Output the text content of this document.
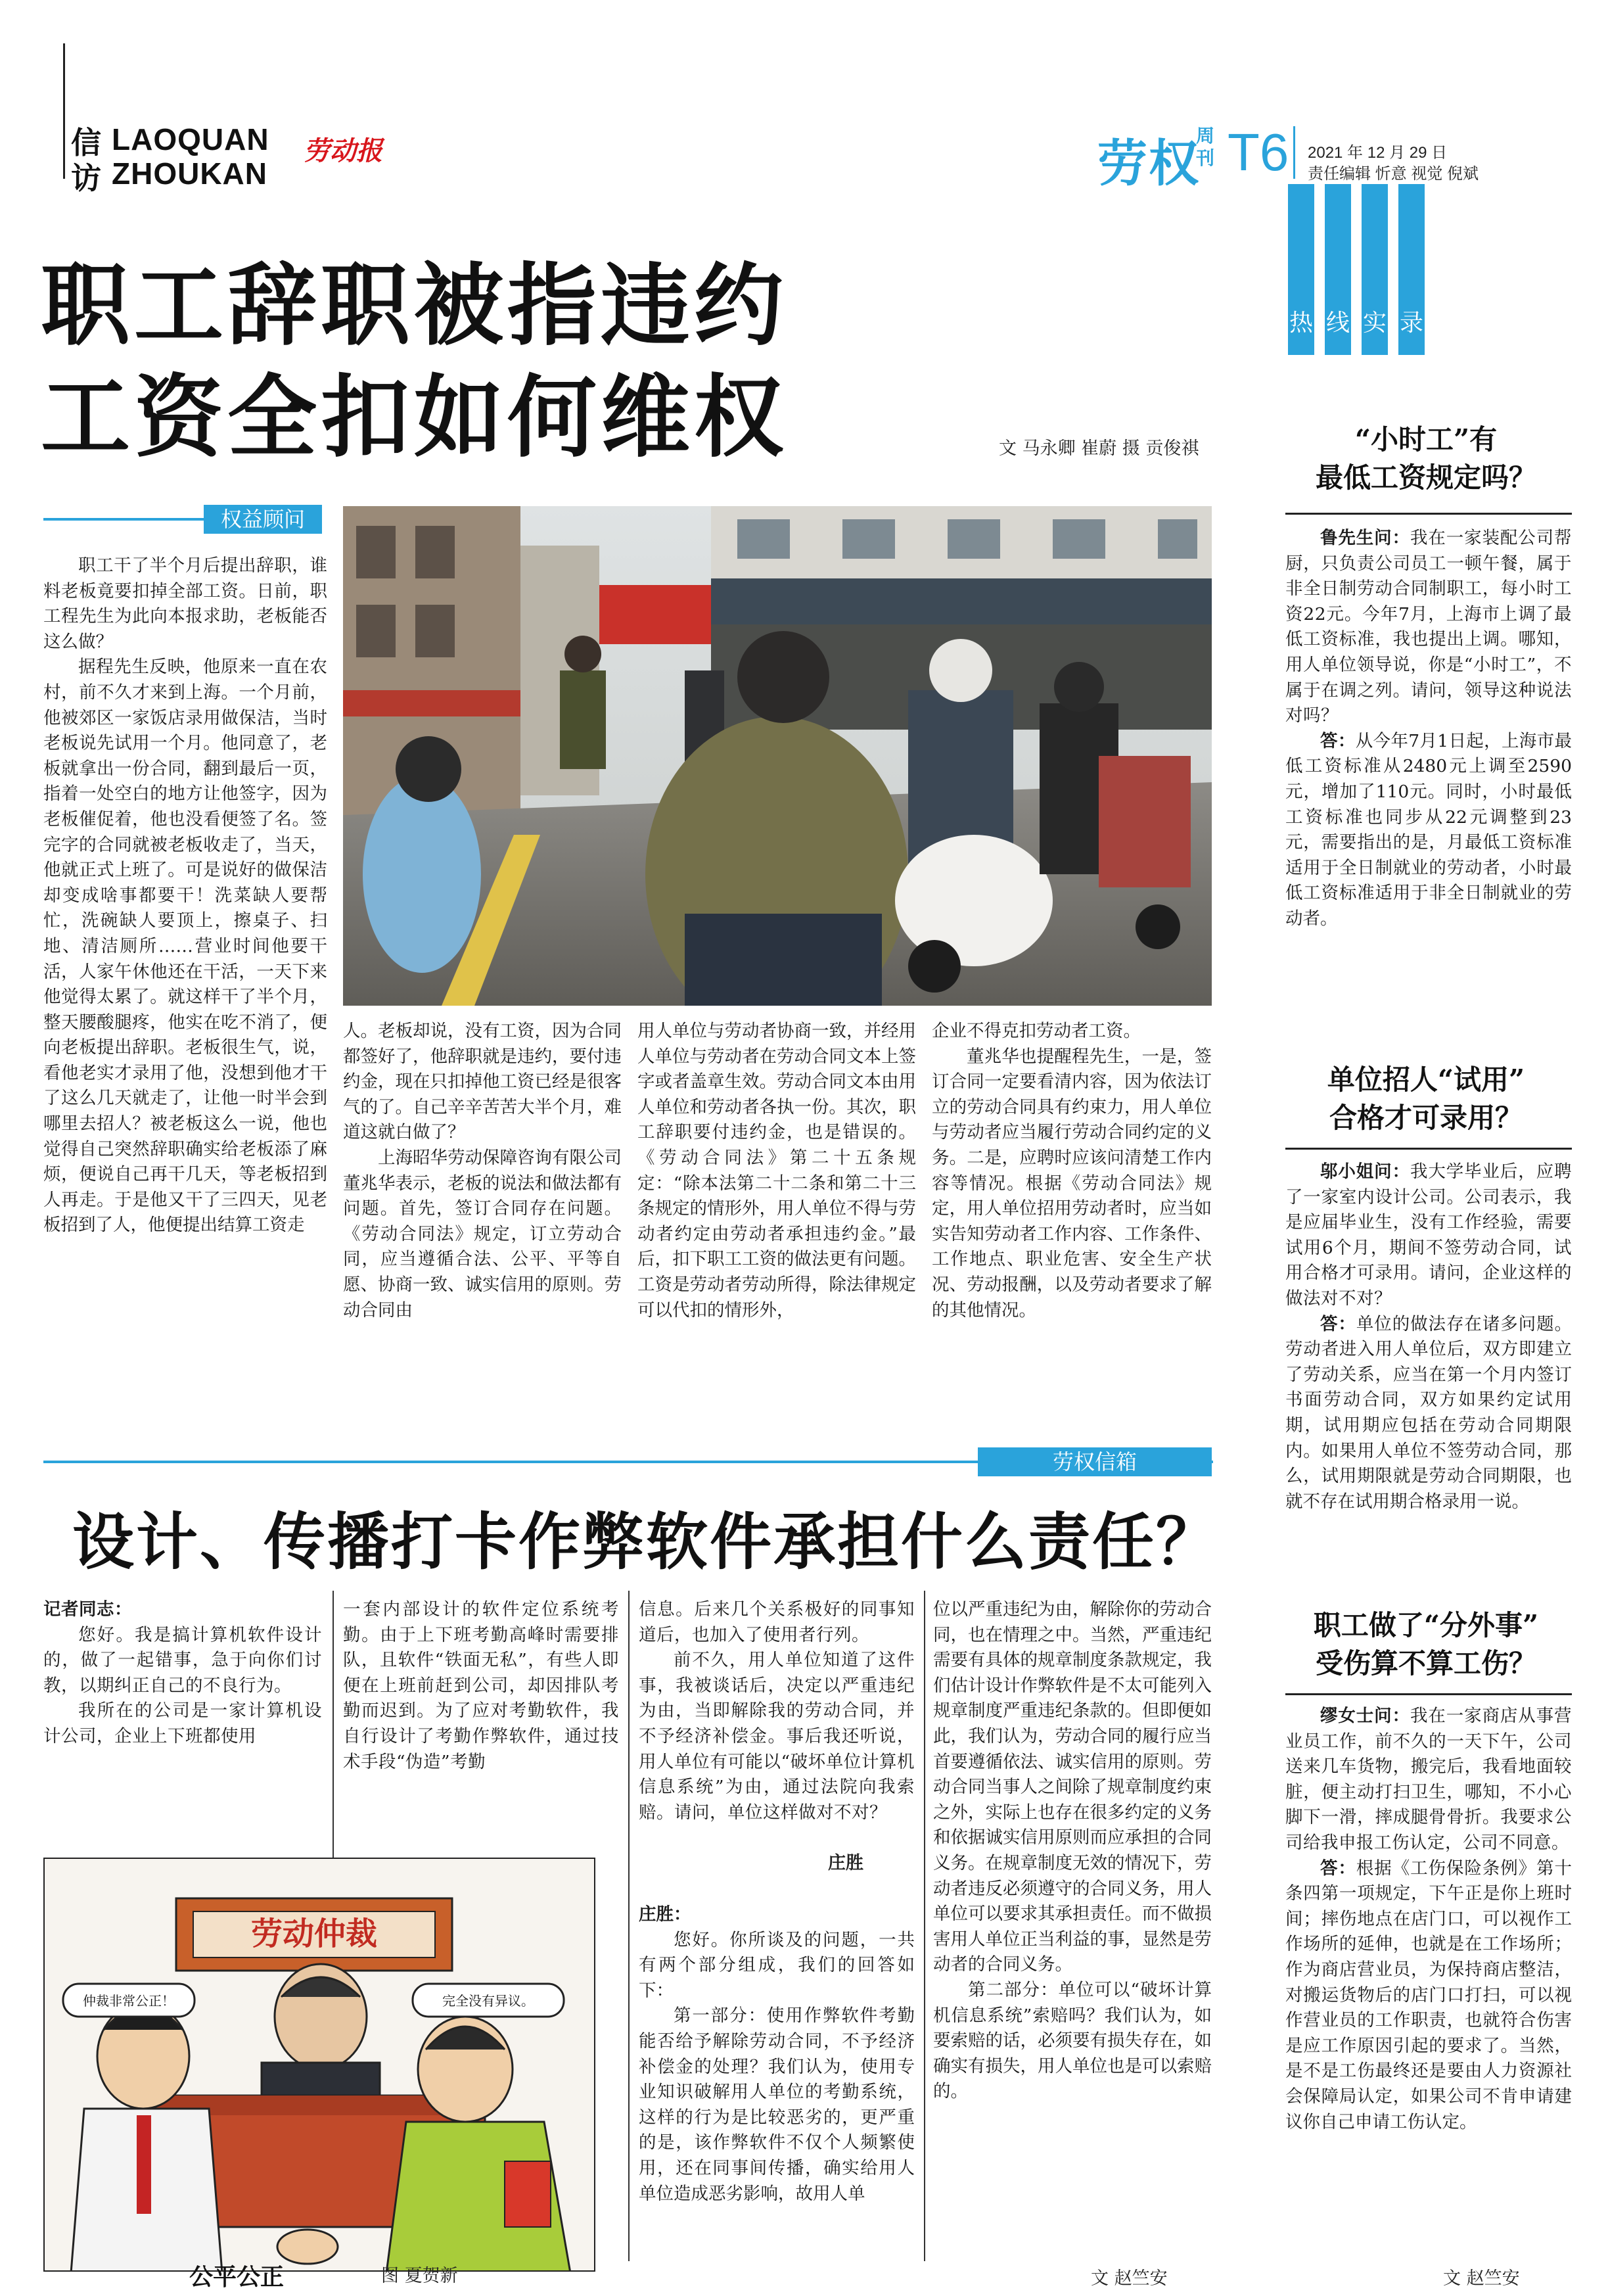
信访
LAOQUAN
ZHOUKAN
劳动报	劳权
周刊 T6 2021 年 12 月 29 日
责任编辑 忻意 视觉 倪斌
热 线 实 录
职工辞职被指违约
工资全扣如何维权	文 马永卿 崔蔚 摄 贡俊祺
权益顾问

职工干了半个月后提出辞职，谁料老板竟要扣掉全部工资。日前，职工程先生为此向本报求助，老板能否这么做？

据程先生反映，他原来一直在农村，前不久才来到上海。一个月前，他被郊区一家饭店录用做保洁，当时老板说先试用一个月。他同意了，老板就拿出一份合同，翻到最后一页，指着一处空白的地方让他签字，因为老板催促着，他也没看便签了名。签完字的合同就被老板收走了，当天，他就正式上班了。可是说好的做保洁却变成啥事都要干！洗菜缺人要帮忙，洗碗缺人要顶上，擦桌子、扫地、清洁厕所……营业时间他要干活，人家午休他还在干活，一天下来他觉得太累了。就这样干了半个月，整天腰酸腿疼，他实在吃不消了，便向老板提出辞职。老板很生气，说，看他老实才录用了他，没想到他才干了这么几天就走了，让他一时半会到哪里去招人？被老板这么一说，他也觉得自己突然辞职确实给老板添了麻烦，便说自己再干几天，等老板招到人再走。于是他又干了三四天，见老板招到了人，他便提出结算工资走

人。老板却说，没有工资，因为合同都签好了，他辞职就是违约，要付违约金，现在只扣掉他工资已经是很客气的了。自己辛辛苦苦大半个月，难道这就白做了？

上海昭华劳动保障咨询有限公司董兆华表示，老板的说法和做法都有问题。首先，签订合同存在问题。《劳动合同法》规定，订立劳动合同，应当遵循合法、公平、平等自愿、协商一致、诚实信用的原则。劳动合同由

用人单位与劳动者协商一致，并经用人单位与劳动者在劳动合同文本上签字或者盖章生效。劳动合同文本由用人单位和劳动者各执一份。其次，职工辞职要付违约金，也是错误的。《劳动合同法》第二十五条规定：“除本法第二十二条和第二十三条规定的情形外，用人单位不得与劳动者约定由劳动者承担违约金。”最后，扣下职工工资的做法更有问题。工资是劳动者劳动所得，除法律规定可以代扣的情形外，

企业不得克扣劳动者工资。

董兆华也提醒程先生，一是，签订合同一定要看清内容，因为依法订立的劳动合同具有约束力，用人单位与劳动者应当履行劳动合同约定的义务。二是，应聘时应该问清楚工作内容等情况。根据《劳动合同法》规定，用人单位招用劳动者时，应当如实告知劳动者工作内容、工作条件、工作地点、职业危害、安全生产状况、劳动报酬，以及劳动者要求了解的其他情况。

“小时工”有
最低工资规定吗？

鲁先生问：我在一家装配公司帮厨，只负责公司员工一顿午餐，属于非全日制劳动合同制职工，每小时工资22元。今年7月，上海市上调了最低工资标准，我也提出上调。哪知，用人单位领导说，你是“小时工”，不属于在调之列。请问，领导这种说法对吗？

答：从今年7月1日起，上海市最低工资标准从2480元上调至2590元，增加了110元。同时，小时最低工资标准也同步从22元调整到23元，需要指出的是，月最低工资标准适用于全日制就业的劳动者，小时最低工资标准适用于非全日制就业的劳动者。

单位招人“试用”
合格才可录用？

邬小姐问：我大学毕业后，应聘了一家室内设计公司。公司表示，我是应届毕业生，没有工作经验，需要试用6个月，期间不签劳动合同，试用合格才可录用。请问，企业这样的做法对不对？

答：单位的做法存在诸多问题。劳动者进入用人单位后，双方即建立了劳动关系，应当在第一个月内签订书面劳动合同，双方如果约定试用期，试用期应包括在劳动合同期限内。如果用人单位不签劳动合同，那么，试用期限就是劳动合同期限，也就不存在试用期合格录用一说。

职工做了“分外事”
受伤算不算工伤？

缪女士问：我在一家商店从事营业员工作，前不久的一天下午，公司送来几车货物，搬完后，我看地面较脏，便主动打扫卫生，哪知，不小心脚下一滑，摔成腿骨骨折。我要求公司给我申报工伤认定，公司不同意。

答：根据《工伤保险条例》第十条四第一项规定，下午正是你上班时间；摔伤地点在店门口，可以视作工作场所的延伸，也就是在工作场所；作为商店营业员，为保持商店整洁，对搬运货物后的店门口打扫，可以视作营业员的工作职责，也就符合伤害是应工作原因引起的要求了。当然，是不是工伤最终还是要由人力资源社会保障局认定，如果公司不肯申请建议你自己申请工伤认定。

文 赵竺安
劳权信箱
设计、传播打卡作弊软件承担什么责任？

记者同志：

您好。我是搞计算机软件设计的，做了一起错事，急于向你们讨教，以期纠正自己的不良行为。

我所在的公司是一家计算机设计公司，企业上下班都使用

一套内部设计的软件定位系统考勤。由于上下班考勤高峰时需要排队，且软件“铁面无私”，有些人即便在上班前赶到公司，却因排队考勤而迟到。为了应对考勤软件，我自行设计了考勤作弊软件，通过技术手段“伪造”考勤

信息。后来几个关系极好的同事知道后，也加入了使用者行列。

前不久，用人单位知道了这件事，我被谈话后，决定以严重违纪为由，当即解除我的劳动合同，并不予经济补偿金。事后我还听说，用人单位有可能以“破坏单位计算机信息系统”为由，通过法院向我索赔。请问，单位这样做对不对？

庄胜

庄胜：

您好。你所谈及的问题，一共有两个部分组成，我们的回答如下：

第一部分：使用作弊软件考勤能否给予解除劳动合同，不予经济补偿金的处理？我们认为，使用专业知识破解用人单位的考勤系统，这样的行为是比较恶劣的，更严重的是，该作弊软件不仅个人频繁使用，还在同事间传播，确实给用人单位造成恶劣影响，故用人单

位以严重违纪为由，解除你的劳动合同，也在情理之中。当然，严重违纪需要有具体的规章制度条款规定，我们估计设计作弊软件是不太可能列入规章制度严重违纪条款的。但即便如此，我们认为，劳动合同的履行应当首要遵循依法、诚实信用的原则。劳动合同当事人之间除了规章制度约束之外，实际上也存在很多约定的义务和依据诚实信用原则而应承担的合同义务。在规章制度无效的情况下，劳动者违反必须遵守的合同义务，用人单位可以要求其承担责任。而不做损害用人单位正当利益的事，显然是劳动者的合同义务。

第二部分：单位可以“破坏计算机信息系统”索赔吗？我们认为，如要索赔的话，必须要有损失存在，如确实有损失，用人单位也是可以索赔的。

文 赵竺安
劳动仲裁
仲裁非常公正！	完全没有异议。
公平公正	图 夏贺新
